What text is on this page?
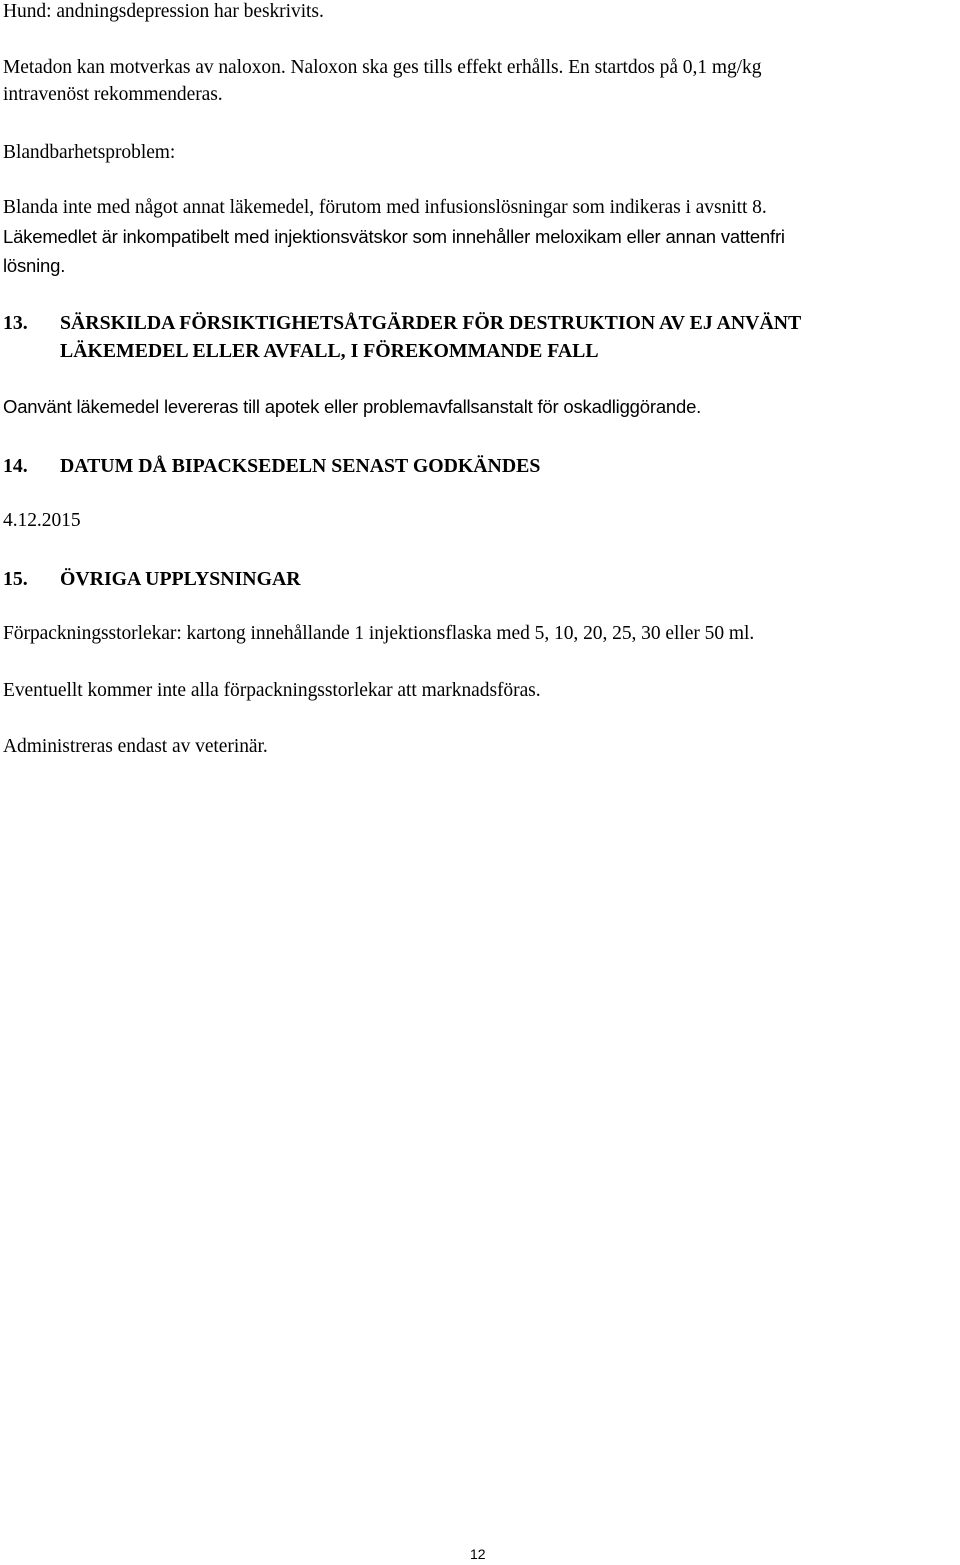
Hund: andningsdepression har beskrivits.
Metadon kan motverkas av naloxon. Naloxon ska ges tills effekt erhålls. En startdos på 0,1 mg/kg
intravenöst rekommenderas.
Blandbarhetsproblem:
Blanda inte med något annat läkemedel, förutom med infusionslösningar som indikeras i avsnitt 8.
Läkemedlet är inkompatibelt med injektionsvätskor som innehåller meloxikam eller annan vattenfri
lösning.
13. SÄRSKILDA FÖRSIKTIGHETSÅTGÄRDER FÖR DESTRUKTION AV EJ ANVÄNT
LÄKEMEDEL ELLER AVFALL, I FÖREKOMMANDE FALL
Oanvänt läkemedel levereras till apotek eller problemavfallsanstalt för oskadliggörande.
14. DATUM DÅ BIPACKSEDELN SENAST GODKÄNDES
4.12.2015
15. ÖVRIGA UPPLYSNINGAR
Förpackningsstorlekar: kartong innehållande 1 injektionsflaska med 5, 10, 20, 25, 30 eller 50 ml.
Eventuellt kommer inte alla förpackningsstorlekar att marknadsföras.
Administreras endast av veterinär.
12
